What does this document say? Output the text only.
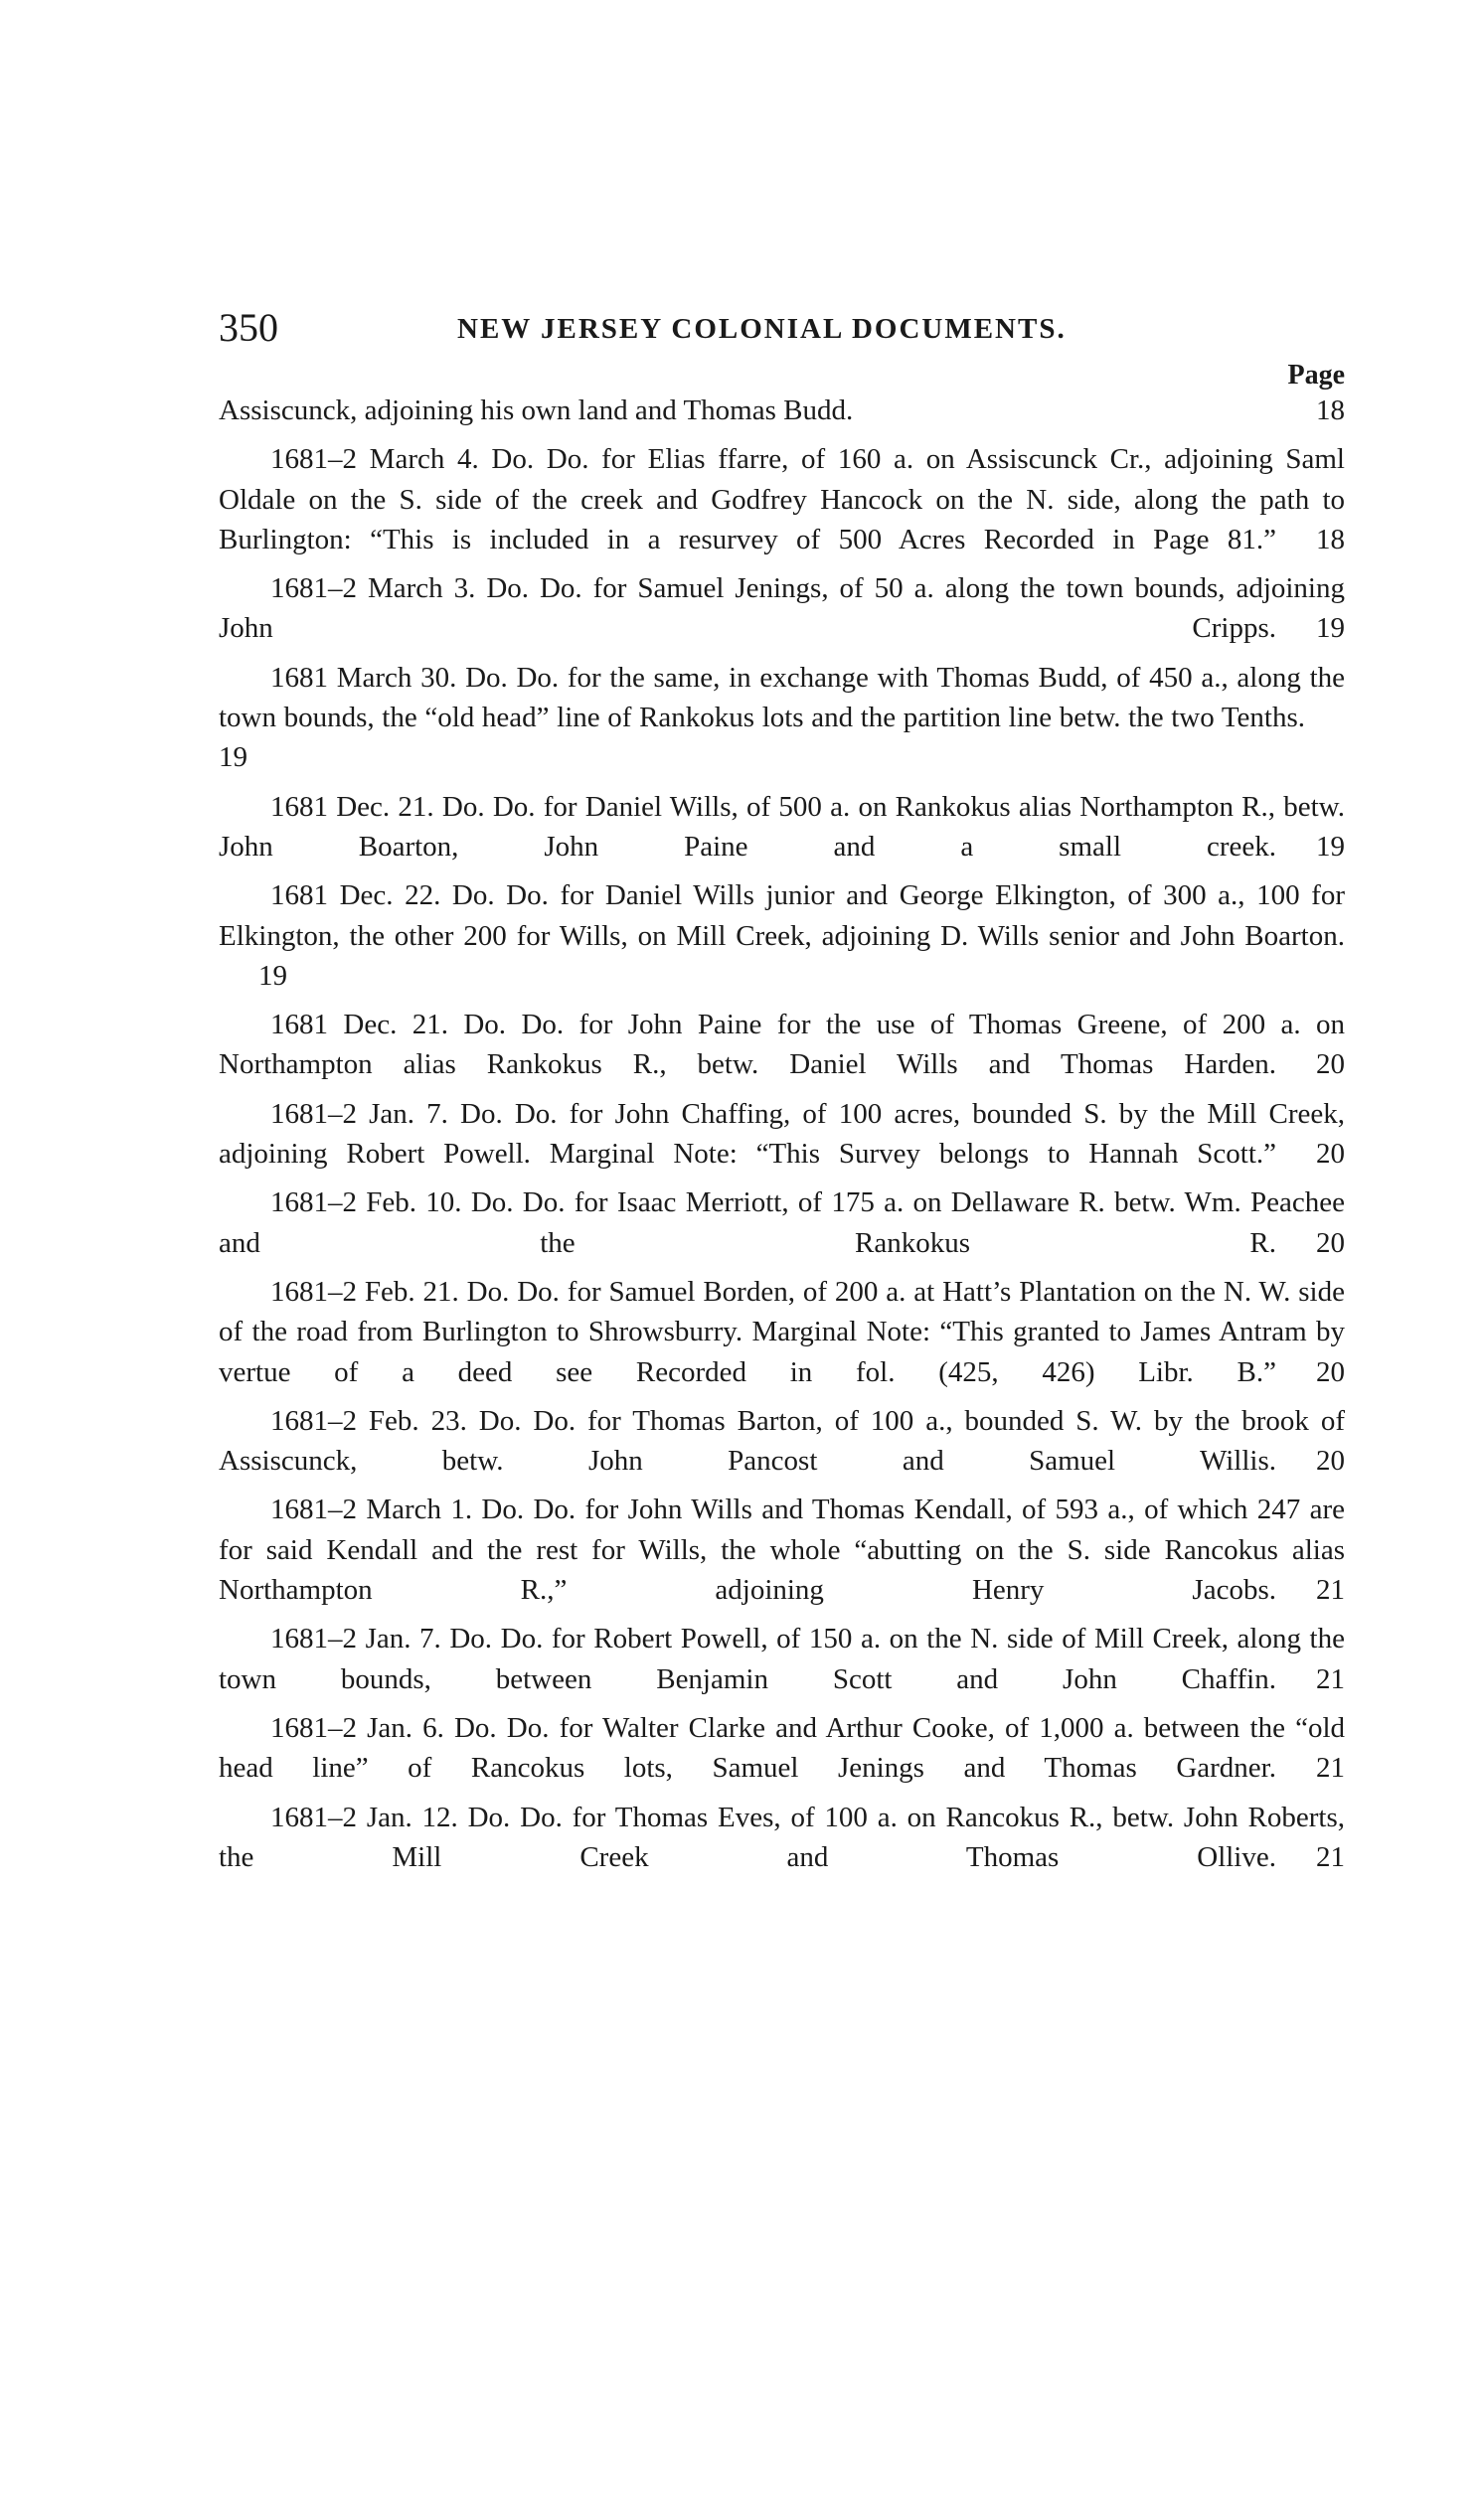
350	NEW JERSEY COLONIAL DOCUMENTS.
Page

18
Assiscunck, adjoining his own land and Thomas Budd.

1681–2 March 4. Do. Do. for Elias ffarre, of 160 a. on Assiscunck Cr., adjoining Saml Oldale on the S. side of the creek and Godfrey Hancock on the N. side, along the path to Burlington: “This is included in a resurvey of 500 Acres Recorded in Page 81.” 18

1681–2 March 3. Do. Do. for Samuel Jenings, of 50 a. along the town bounds, adjoining John Cripps. 19

1681 March 30. Do. Do. for the same, in exchange with Thomas Budd, of 450 a., along the town bounds, the “old head” line of Rankokus lots and the partition line betw. the two Tenths.19

1681 Dec. 21. Do. Do. for Daniel Wills, of 500 a. on Rankokus alias Northampton R., betw. John Boarton, John Paine and a small creek. 19

1681 Dec. 22. Do. Do. for Daniel Wills junior and George Elkington, of 300 a., 100 for Elkington, the other 200 for Wills, on Mill Creek, adjoining D. Wills senior and John Boarton.19

1681 Dec. 21. Do. Do. for John Paine for the use of Thomas Greene, of 200 a. on Northampton alias Rankokus R., betw. Daniel Wills and Thomas Harden. 20

1681–2 Jan. 7. Do. Do. for John Chaffing, of 100 acres, bounded S. by the Mill Creek, adjoining Robert Powell. Marginal Note: “This Survey belongs to Hannah Scott.” 20

1681–2 Feb. 10. Do. Do. for Isaac Merriott, of 175 a. on Dellaware R. betw. Wm. Peachee and the Rankokus R. 20

1681–2 Feb. 21. Do. Do. for Samuel Borden, of 200 a. at Hatt’s Plantation on the N. W. side of the road from Burlington to Shrowsburry. Marginal Note: “This granted to James Antram by vertue of a deed see Recorded in fol. (425, 426) Libr. B.” 20

1681–2 Feb. 23. Do. Do. for Thomas Barton, of 100 a., bounded S. W. by the brook of Assiscunck, betw. John Pancost and Samuel Willis. 20

1681–2 March 1. Do. Do. for John Wills and Thomas Kendall, of 593 a., of which 247 are for said Kendall and the rest for Wills, the whole “abutting on the S. side Rancokus alias Northampton R.,” adjoining Henry Jacobs. 21

1681–2 Jan. 7. Do. Do. for Robert Powell, of 150 a. on the N. side of Mill Creek, along the town bounds, between Benjamin Scott and John Chaffin. 21

1681–2 Jan. 6. Do. Do. for Walter Clarke and Arthur Cooke, of 1,000 a. between the “old head line” of Rancokus lots, Samuel Jenings and Thomas Gardner. 21

1681–2 Jan. 12. Do. Do. for Thomas Eves, of 100 a. on Rancokus R., betw. John Roberts, the Mill Creek and Thomas Ollive. 21
